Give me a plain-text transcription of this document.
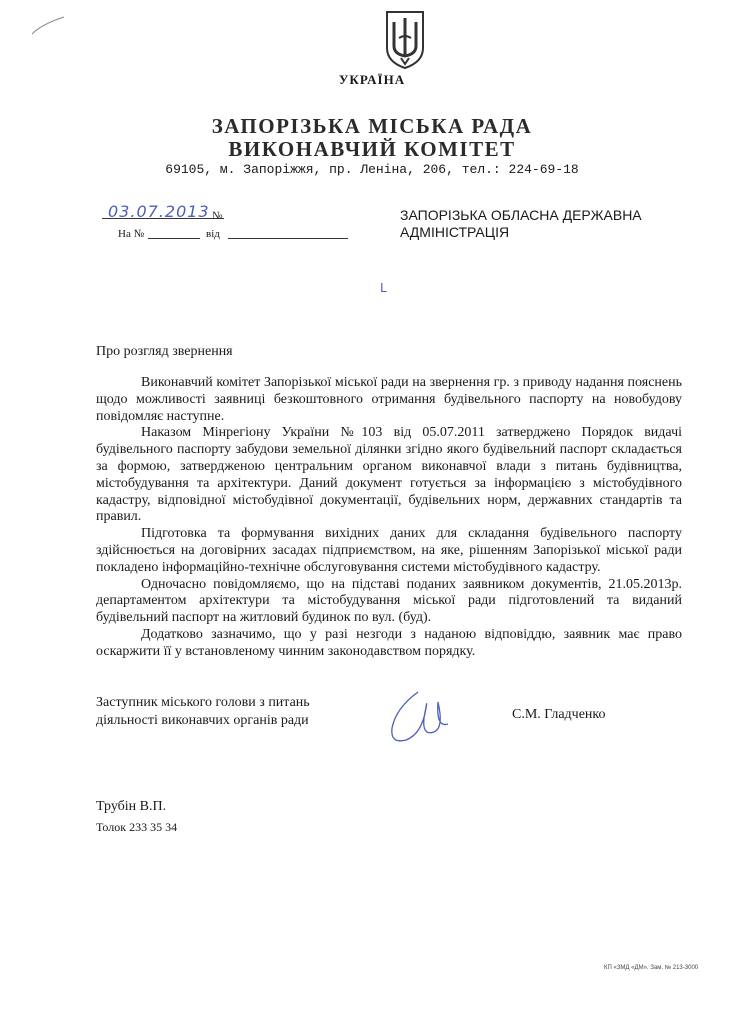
УКРАЇНА
ЗАПОРІЗЬКА МІСЬКА РАДА
ВИКОНАВЧИЙ КОМІТЕТ
69105, м. Запоріжжя, пр. Леніна, 206, тел.: 224-69-18
03.07.2013 №
На №	від
ЗАПОРІЗЬКА ОБЛАСНА ДЕРЖАВНА
АДМІНІСТРАЦІЯ
L
Про розгляд звернення

Виконавчий комітет Запорізької міської ради на звернення гр. з приводу надання пояснень щодо можливості заявниці безкоштовного отримання будівельного паспорту на новобудову повідомляє наступне.

Наказом Мінрегіону України №103 від 05.07.2011 затверджено Порядок видачі будівельного паспорту забудови земельної ділянки згідно якого будівельний паспорт складається за формою, затвердженою центральним органом виконавчої влади з питань будівництва, містобудування та архітектури. Даний документ готується за інформацією з містобудівного кадастру, відповідної містобудівної документації, будівельних норм, державних стандартів та правил.

Підготовка та формування вихідних даних для складання будівельного паспорту здійснюється на договірних засадах підприємством, на яке, рішенням Запорізької міської ради покладено інформаційно-технічне обслуговування системи містобудівного кадастру.

Одночасно повідомляємо, що на підставі поданих заявником документів, 21.05.2013р. департаментом архітектури та містобудування міської ради підготовлений та виданий будівельний паспорт на житловий будинок по вул. (буд).

Додатково зазначимо, що у разі незгоди з наданою відповіддю, заявник має право оскаржити її у встановленому чинним законодавством порядку.

Заступник міського голови з питань
діяльності виконавчих органів ради	С.М. Гладченко
Трубін В.П.
Толок 233 35 34
КП «ЗМД «ДМ». Зам. № 213-3000
